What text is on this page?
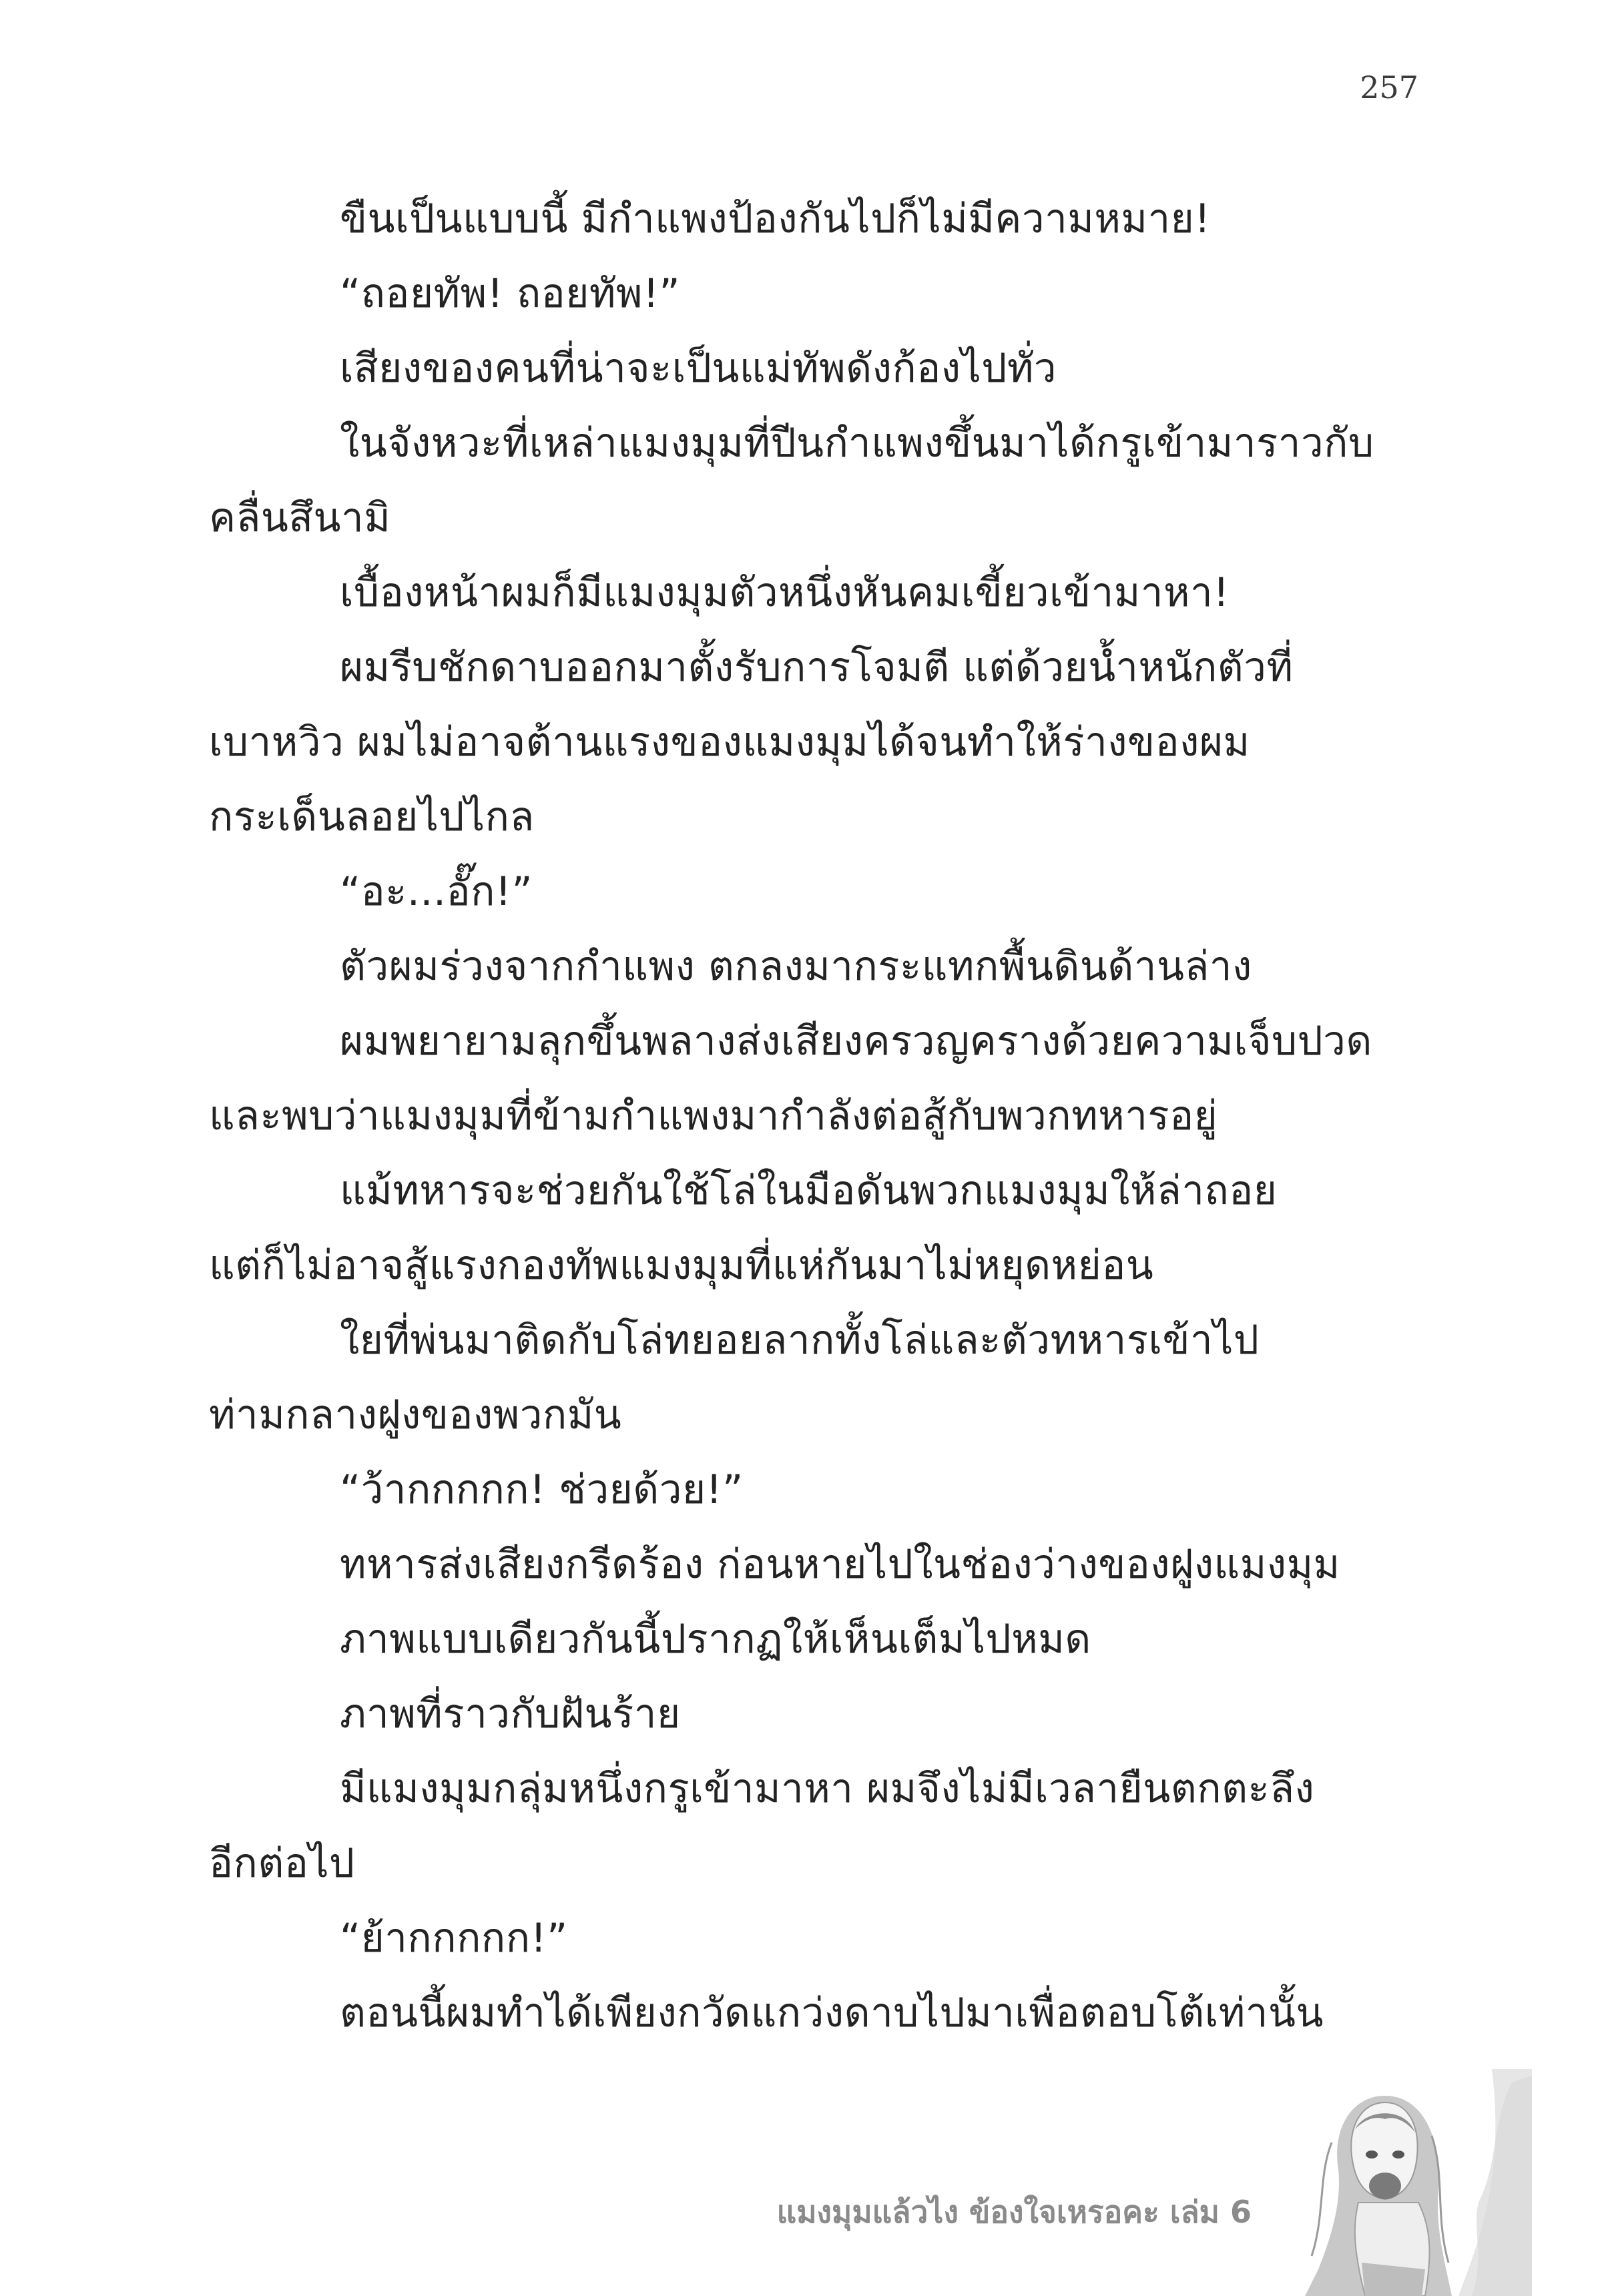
257
ขืนเป็นแบบนี้ มีกำแพงป้องกันไปก็ไม่มีความหมาย!
“ถอยทัพ! ถอยทัพ!”
เสียงของคนที่น่าจะเป็นแม่ทัพดังก้องไปทั่ว
ในจังหวะที่เหล่าแมงมุมที่ปีนกำแพงขึ้นมาได้กรูเข้ามาราวกับ
คลื่นสึนามิ
เบื้องหน้าผมก็มีแมงมุมตัวหนึ่งหันคมเขี้ยวเข้ามาหา!
ผมรีบชักดาบออกมาตั้งรับการโจมตี แต่ด้วยน้ำหนักตัวที่
เบาหวิว ผมไม่อาจต้านแรงของแมงมุมได้จนทำให้ร่างของผม
กระเด็นลอยไปไกล
“อะ...อั๊ก!”
ตัวผมร่วงจากกำแพง ตกลงมากระแทกพื้นดินด้านล่าง
ผมพยายามลุกขึ้นพลางส่งเสียงครวญครางด้วยความเจ็บปวด
และพบว่าแมงมุมที่ข้ามกำแพงมากำลังต่อสู้กับพวกทหารอยู่
แม้ทหารจะช่วยกันใช้โล่ในมือดันพวกแมงมุมให้ล่าถอย
แต่ก็ไม่อาจสู้แรงกองทัพแมงมุมที่แห่กันมาไม่หยุดหย่อน
ใยที่พ่นมาติดกับโล่ทยอยลากทั้งโล่และตัวทหารเข้าไป
ท่ามกลางฝูงของพวกมัน
“ว้ากกกกก! ช่วยด้วย!”
ทหารส่งเสียงกรีดร้อง ก่อนหายไปในช่องว่างของฝูงแมงมุม
ภาพแบบเดียวกันนี้ปรากฏให้เห็นเต็มไปหมด
ภาพที่ราวกับฝันร้าย
มีแมงมุมกลุ่มหนึ่งกรูเข้ามาหา ผมจึงไม่มีเวลายืนตกตะลึง
อีกต่อไป
“ย้ากกกกก!”
ตอนนี้ผมทำได้เพียงกวัดแกว่งดาบไปมาเพื่อตอบโต้เท่านั้น
แมงมุมแล้วไง ข้องใจเหรอคะ เล่ม 6
